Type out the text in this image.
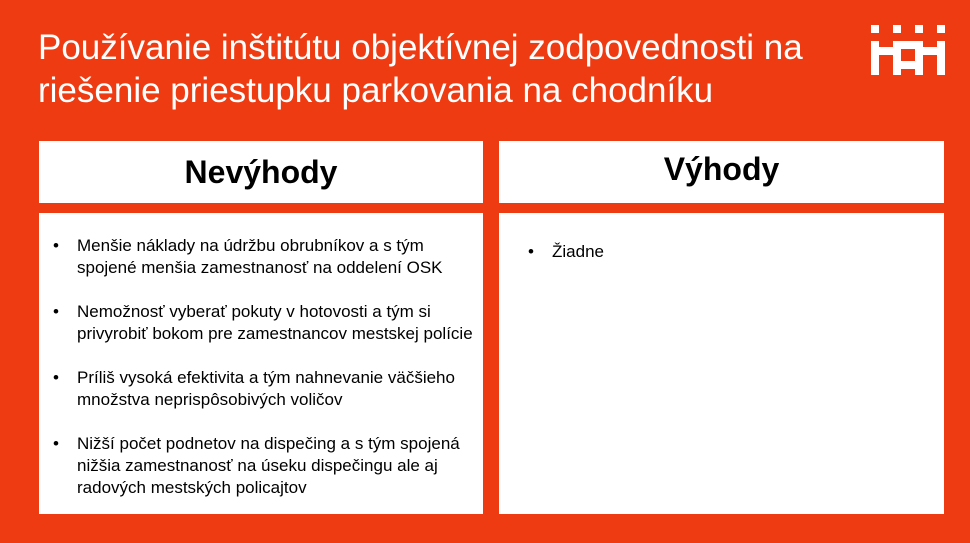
Používanie inštitútu objektívnej zodpovednosti na
riešenie priestupku parkovania na chodníku
Nevýhody	Výhody
• Menšie náklady na údržbu obrubníkov a s tým spojené menšia zamestnanosť na oddelení OSK
• Nemožnosť vyberať pokuty v hotovosti a tým si privyrobiť bokom pre zamestnancov mestskej polície
• Príliš vysoká efektivita a tým nahnevanie väčšieho množstva neprispôsobivých voličov
• Nižší počet podnetov na dispečing a s tým spojená nižšia zamestnanosť na úseku dispečingu ale aj radových mestských policajtov
• Žiadne
